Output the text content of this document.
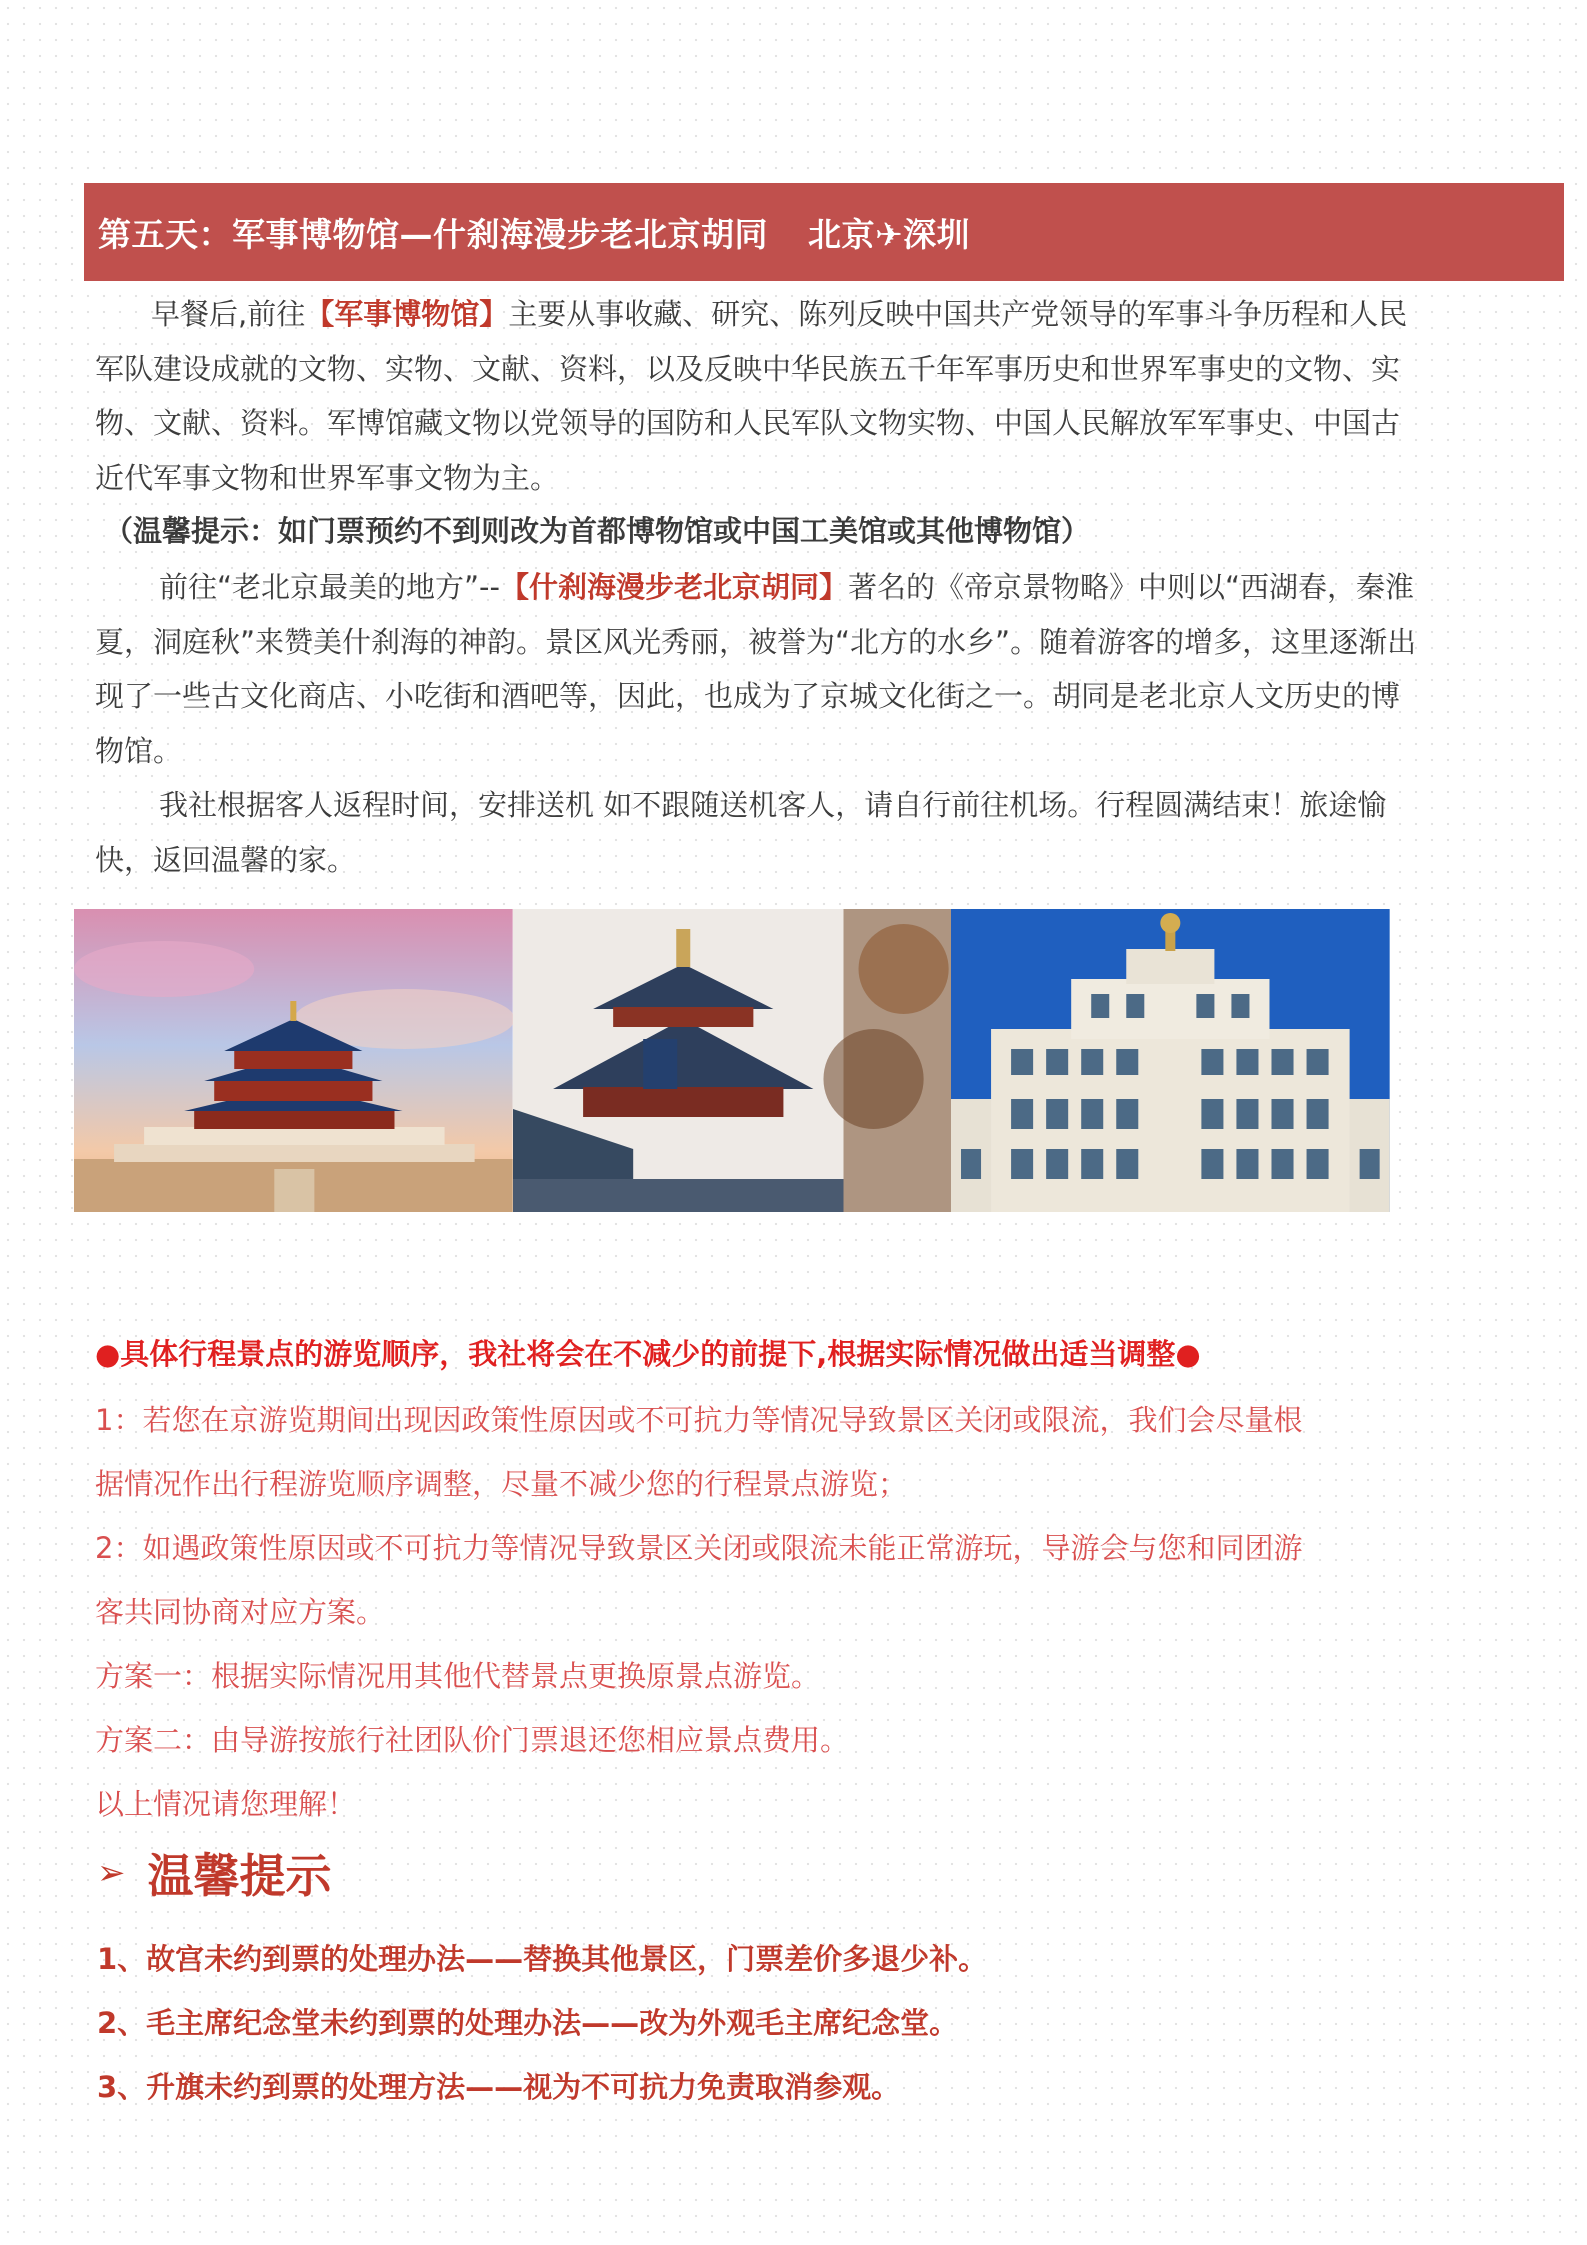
第五天：军事博物馆—什刹海漫步老北京胡同 北京✈深圳

早餐后,前往【军事博物馆】主要从事收藏、研究、陈列反映中国共产党领导的军事斗争历程和人民军队建设成就的文物、实物、文献、资料，以及反映中华民族五千年军事历史和世界军事史的文物、实物、文献、资料。军博馆藏文物以党领导的国防和人民军队文物实物、中国人民解放军军事史、中国古近代军事文物和世界军事文物为主。

（温馨提示：如门票预约不到则改为首都博物馆或中国工美馆或其他博物馆）

前往“老北京最美的地方”--【什刹海漫步老北京胡同】著名的《帝京景物略》中则以“西湖春，秦淮夏，洞庭秋”来赞美什刹海的神韵。景区风光秀丽，被誉为“北方的水乡”。随着游客的增多，这里逐渐出现了一些古文化商店、小吃街和酒吧等，因此，也成为了京城文化街之一。胡同是老北京人文历史的博物馆。

我社根据客人返程时间，安排送机 如不跟随送机客人，请自行前往机场。行程圆满结束！旅途愉快，返回温馨的家。

●具体行程景点的游览顺序，我社将会在不减少的前提下,根据实际情况做出适当调整●

1：若您在京游览期间出现因政策性原因或不可抗力等情况导致景区关闭或限流，我们会尽量根
据情况作出行程游览顺序调整，尽量不减少您的行程景点游览；
2：如遇政策性原因或不可抗力等情况导致景区关闭或限流未能正常游玩，导游会与您和同团游
客共同协商对应方案。
方案一：根据实际情况用其他代替景点更换原景点游览。
方案二：由导游按旅行社团队价门票退还您相应景点费用。
以上情况请您理解！
➢ 温馨提示
1、故宫未约到票的处理办法——替换其他景区，门票差价多退少补。
2、毛主席纪念堂未约到票的处理办法——改为外观毛主席纪念堂。
3、升旗未约到票的处理方法——视为不可抗力免责取消参观。
